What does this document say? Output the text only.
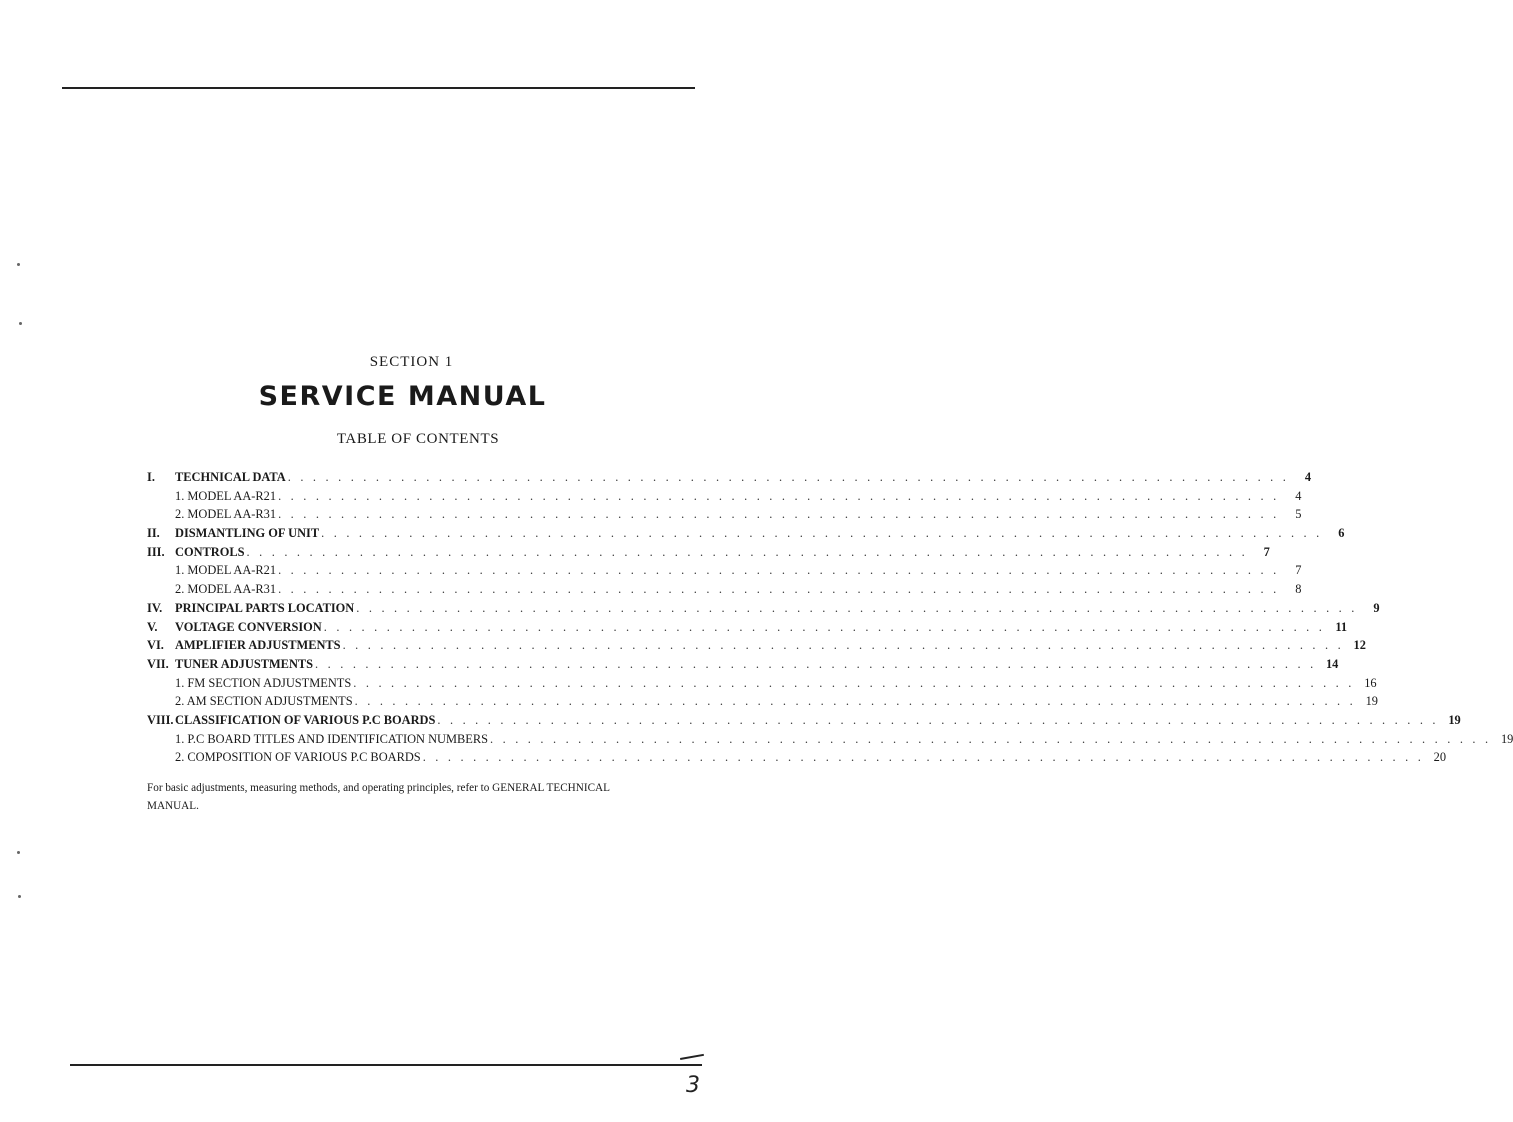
SECTION 1
SERVICE MANUAL
TABLE OF CONTENTS
I. TECHNICAL DATA . . . . . . . . . . . . . . . . . . . . . . . . . . . . . . . . . . . . . . . . . . . . . . . . . . . . . . . . . . . . . . . . . . . . . . . . . . . . . . . .	4
1. MODEL AA-R21 . . . . . . . . . . . . . . . . . . . . . . . . . . . . . . . . . . . . . . . . . . . . . . . . . . . . . . . . . . . . . . . . . . . . . . . . . . . . . . . .	4
2. MODEL AA-R31 . . . . . . . . . . . . . . . . . . . . . . . . . . . . . . . . . . . . . . . . . . . . . . . . . . . . . . . . . . . . . . . . . . . . . . . . . . . . . . . .	5
II. DISMANTLING OF UNIT . . . . . . . . . . . . . . . . . . . . . . . . . . . . . . . . . . . . . . . . . . . . . . . . . . . . . . . . . . . . . . . . . . . . . . . . . . . . . . . .	6
III. CONTROLS . . . . . . . . . . . . . . . . . . . . . . . . . . . . . . . . . . . . . . . . . . . . . . . . . . . . . . . . . . . . . . . . . . . . . . . . . . . . . . . .	7
1. MODEL AA-R21 . . . . . . . . . . . . . . . . . . . . . . . . . . . . . . . . . . . . . . . . . . . . . . . . . . . . . . . . . . . . . . . . . . . . . . . . . . . . . . . .	7
2. MODEL AA-R31 . . . . . . . . . . . . . . . . . . . . . . . . . . . . . . . . . . . . . . . . . . . . . . . . . . . . . . . . . . . . . . . . . . . . . . . . . . . . . . . .	8
IV. PRINCIPAL PARTS LOCATION . . . . . . . . . . . . . . . . . . . . . . . . . . . . . . . . . . . . . . . . . . . . . . . . . . . . . . . . . . . . . . . . . . . . . . . . . . . . . . . .	9
V. VOLTAGE CONVERSION . . . . . . . . . . . . . . . . . . . . . . . . . . . . . . . . . . . . . . . . . . . . . . . . . . . . . . . . . . . . . . . . . . . . . . . . . . . . . . . . 11
VI. AMPLIFIER ADJUSTMENTS . . . . . . . . . . . . . . . . . . . . . . . . . . . . . . . . . . . . . . . . . . . . . . . . . . . . . . . . . . . . . . . . . . . . . . . . . . . . . . . . 12
VII. TUNER ADJUSTMENTS . . . . . . . . . . . . . . . . . . . . . . . . . . . . . . . . . . . . . . . . . . . . . . . . . . . . . . . . . . . . . . . . . . . . . . . . . . . . . . . . 14
1. FM SECTION ADJUSTMENTS . . . . . . . . . . . . . . . . . . . . . . . . . . . . . . . . . . . . . . . . . . . . . . . . . . . . . . . . . . . . . . . . . . . . . . . . . . . . . . . . 16
2. AM SECTION ADJUSTMENTS . . . . . . . . . . . . . . . . . . . . . . . . . . . . . . . . . . . . . . . . . . . . . . . . . . . . . . . . . . . . . . . . . . . . . . . . . . . . . . . . 19
VIII. CLASSIFICATION OF VARIOUS P.C BOARDS . . . . . . . . . . . . . . . . . . . . . . . . . . . . . . . . . . . . . . . . . . . . . . . . . . . . . . . . . . . . . . . . . . . . . . . . . . . . . . . . 19
1. P.C BOARD TITLES AND IDENTIFICATION NUMBERS . . . . . . . . . . . . . . . . . . . . . . . . . . . . . . . . . . . . . . . . . . . . . . . . . . . . . . . . . . . . . . . . . . . . . . . . . . . . . . . . 19
2. COMPOSITION OF VARIOUS P.C BOARDS . . . . . . . . . . . . . . . . . . . . . . . . . . . . . . . . . . . . . . . . . . . . . . . . . . . . . . . . . . . . . . . . . . . . . . . . . . . . . . . . 20
For basic adjustments, measuring methods, and operating principles, refer to GENERAL TECHNICAL MANUAL.
3
